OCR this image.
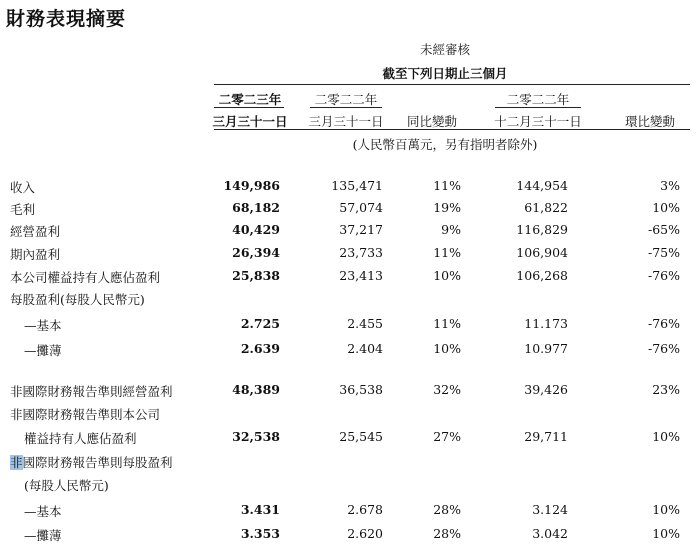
財務表現摘要
未經審核
截至下列日期止三個月
二零二三年
三月三十一日
二零二二年
三月三十一日	同比變動
二零二二年
十二月三十一日	環比變動
(人民幣百萬元，另有指明者除外)
收入	149,986	135,471	11%	144,954	3%
毛利	68,182	57,074	19%	61,822	10%
經營盈利	40,429	37,217	9%	116,829	-65%
期內盈利	26,394	23,733	11%	106,904	-75%
本公司權益持有人應佔盈利	25,838	23,413	10%	106,268	-76%
每股盈利(每股人民幣元)
—基本	2.725	2.455	11%	11.173	-76%
—攤薄	2.639	2.404	10%	10.977	-76%
非國際財務報告準則經營盈利	48,389	36,538	32%	39,426	23%
非國際財務報告準則本公司
權益持有人應佔盈利	32,538	25,545	27%	29,711	10%
非國際財務報告準則每股盈利
(每股人民幣元)
—基本	3.431	2.678	28%	3.124	10%
—攤薄	3.353	2.620	28%	3.042	10%
